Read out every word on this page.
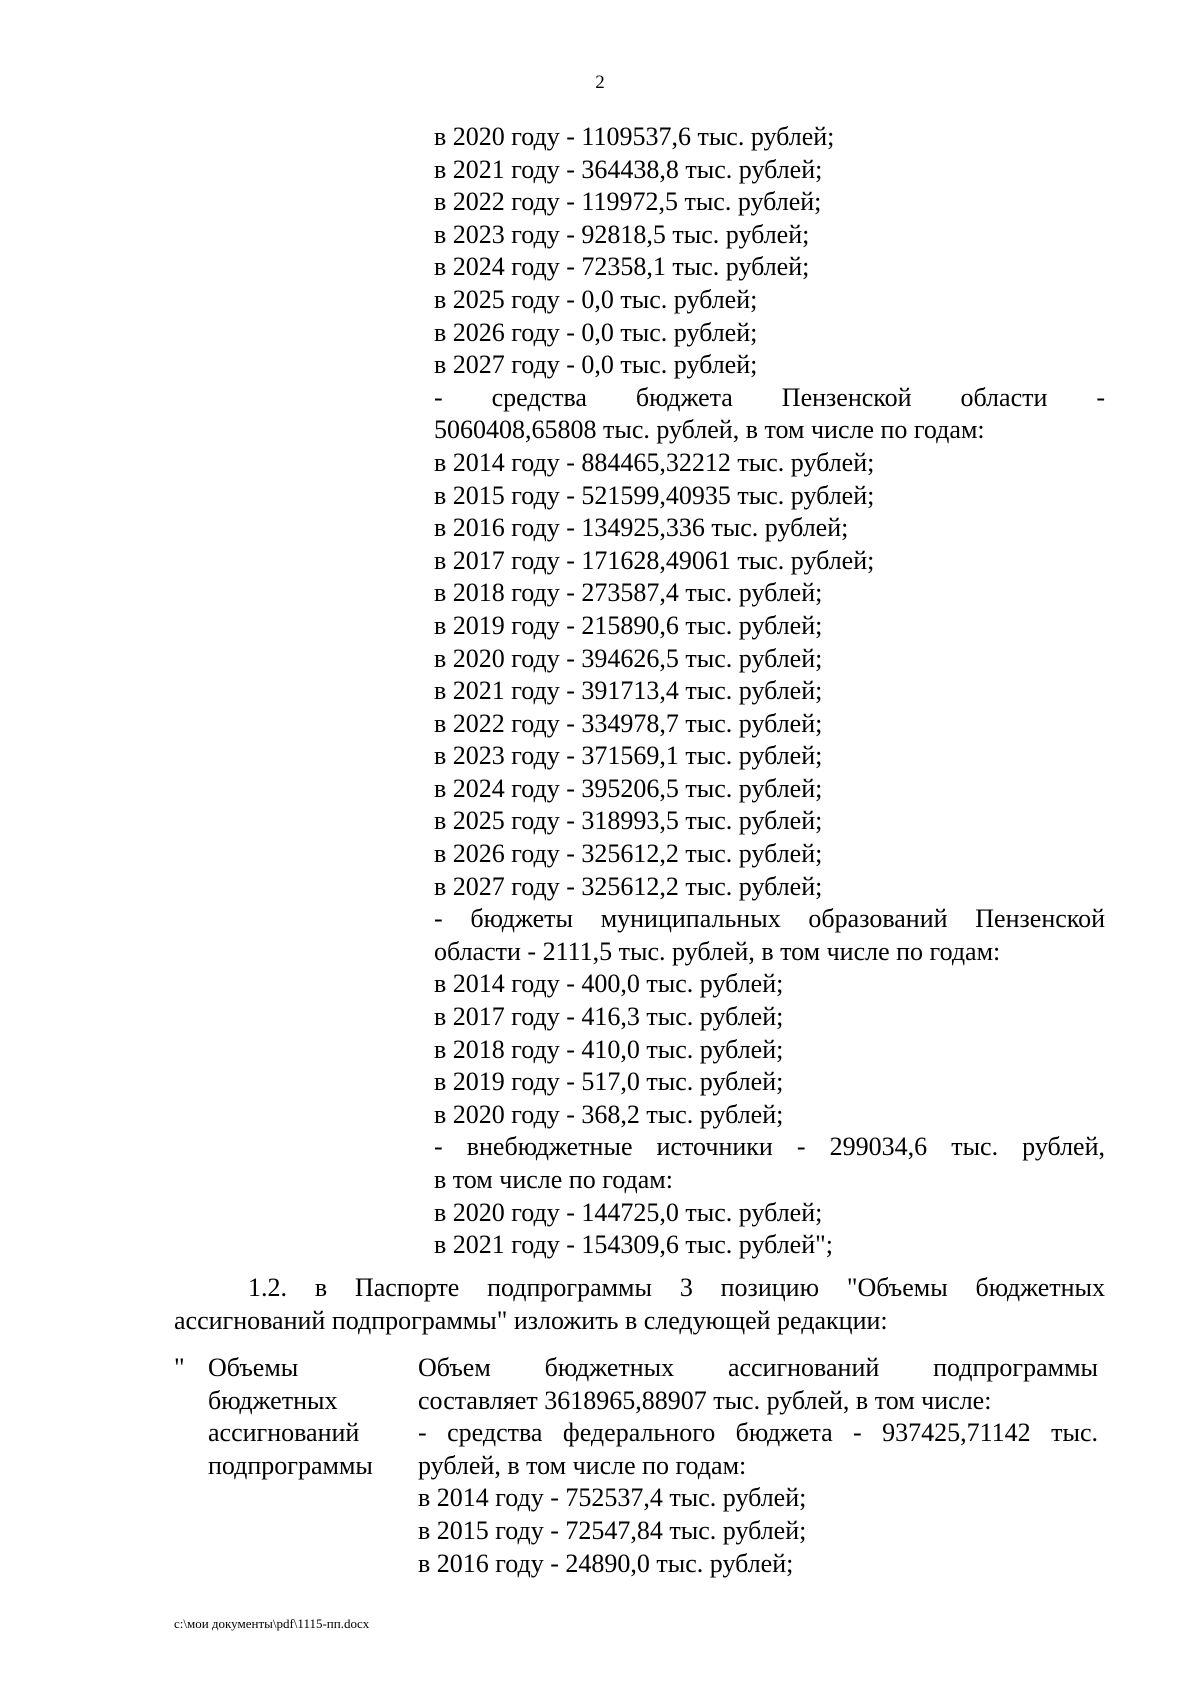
2
в 2020 году - 1109537,6 тыс. рублей;
в 2021 году - 364438,8 тыс. рублей;
в 2022 году - 119972,5 тыс. рублей;
в 2023 году - 92818,5 тыс. рублей;
в 2024 году - 72358,1 тыс. рублей;
в 2025 году - 0,0 тыс. рублей;
в 2026 году - 0,0 тыс. рублей;
в 2027 году - 0,0 тыс. рублей;
- средства бюджета Пензенской области -
5060408,65808 тыс. рублей, в том числе по годам:
в 2014 году - 884465,32212 тыс. рублей;
в 2015 году - 521599,40935 тыс. рублей;
в 2016 году - 134925,336 тыс. рублей;
в 2017 году - 171628,49061 тыс. рублей;
в 2018 году - 273587,4 тыс. рублей;
в 2019 году - 215890,6 тыс. рублей;
в 2020 году - 394626,5 тыс. рублей;
в 2021 году - 391713,4 тыс. рублей;
в 2022 году - 334978,7 тыс. рублей;
в 2023 году - 371569,1 тыс. рублей;
в 2024 году - 395206,5 тыс. рублей;
в 2025 году - 318993,5 тыс. рублей;
в 2026 году - 325612,2 тыс. рублей;
в 2027 году - 325612,2 тыс. рублей;
- бюджеты муниципальных образований Пензенской
области - 2111,5 тыс. рублей, в том числе по годам:
в 2014 году - 400,0 тыс. рублей;
в 2017 году - 416,3 тыс. рублей;
в 2018 году - 410,0 тыс. рублей;
в 2019 году - 517,0 тыс. рублей;
в 2020 году - 368,2 тыс. рублей;
- внебюджетные источники - 299034,6 тыс. рублей,
в том числе по годам:
в 2020 году - 144725,0 тыс. рублей;
в 2021 году - 154309,6 тыс. рублей";
1.2. в Паспорте подпрограммы 3 позицию "Объемы бюджетных
ассигнований подпрограммы" изложить в следующей редакции:
" Объемы
бюджетных
ассигнований
подпрограммы
Объем бюджетных ассигнований подпрограммы
составляет 3618965,88907 тыс. рублей, в том числе:
- средства федерального бюджета - 937425,71142 тыс.
рублей, в том числе по годам:
в 2014 году - 752537,4 тыс. рублей;
в 2015 году - 72547,84 тыс. рублей;
в 2016 году - 24890,0 тыс. рублей;
c:\мои документы\pdf\1115-пп.docx
